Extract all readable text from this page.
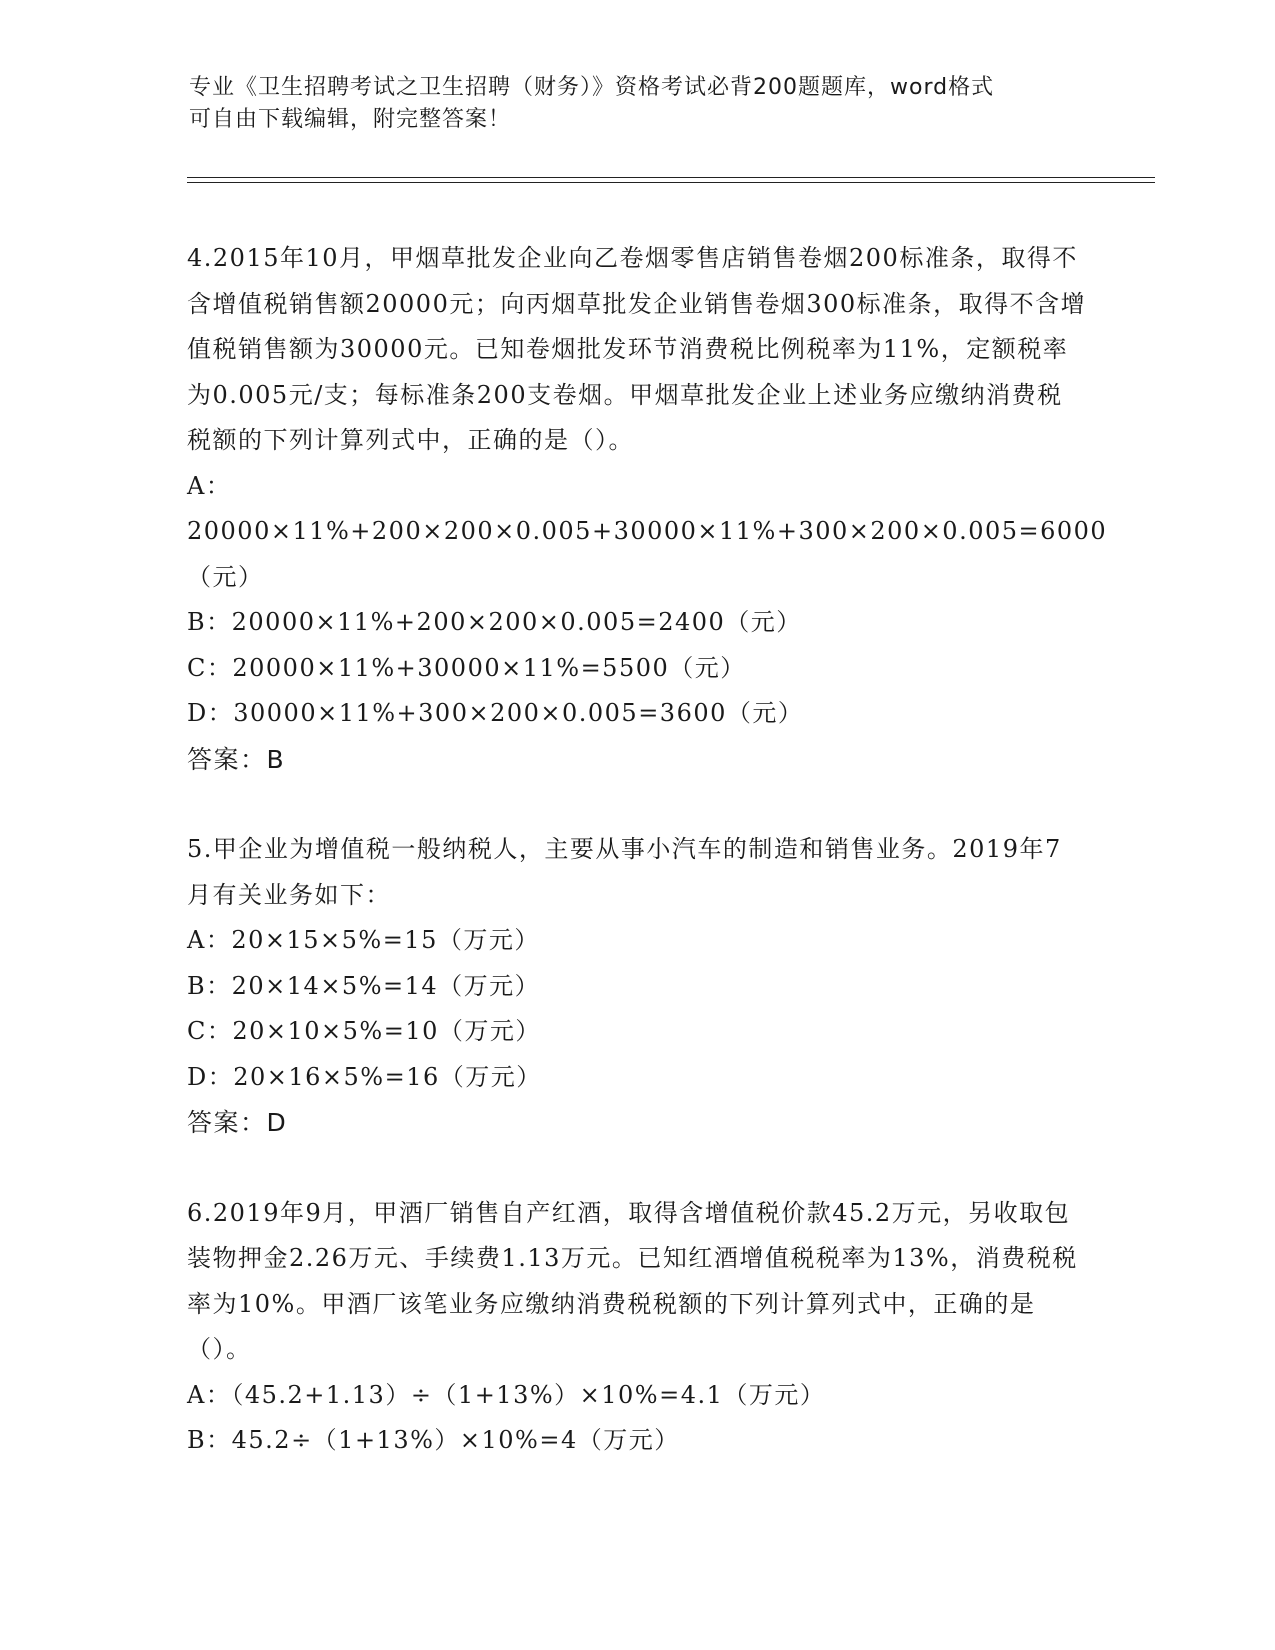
专业《卫生招聘考试之卫生招聘（财务）》资格考试必背200题题库，word格式
可自由下载编辑，附完整答案！
4.2015年10月，甲烟草批发企业向乙卷烟零售店销售卷烟200标准条，取得不含增值税销售额20000元；向丙烟草批发企业销售卷烟300标准条，取得不含增值税销售额为30000元。已知卷烟批发环节消费税比例税率为11%，定额税率为0.005元/支；每标准条200支卷烟。甲烟草批发企业上述业务应缴纳消费税税额的下列计算列式中，正确的是（）。
A：20000×11%+200×200×0.005+30000×11%+300×200×0.005=6000（元）
B：20000×11%+200×200×0.005=2400（元）
C：20000×11%+30000×11%=5500（元）
D：30000×11%+300×200×0.005=3600（元）
答案：B
5.甲企业为增值税一般纳税人，主要从事小汽车的制造和销售业务。2019年7月有关业务如下：
A：20×15×5%=15（万元）
B：20×14×5%=14（万元）
C：20×10×5%=10（万元）
D：20×16×5%=16（万元）
答案：D
6.2019年9月，甲酒厂销售自产红酒，取得含增值税价款45.2万元，另收取包装物押金2.26万元、手续费1.13万元。已知红酒增值税税率为13%，消费税税率为10%。甲酒厂该笔业务应缴纳消费税税额的下列计算列式中，正确的是（）。
A：（45.2+1.13）÷（1+13%）×10%=4.1（万元）
B：45.2÷（1+13%）×10%=4（万元）
